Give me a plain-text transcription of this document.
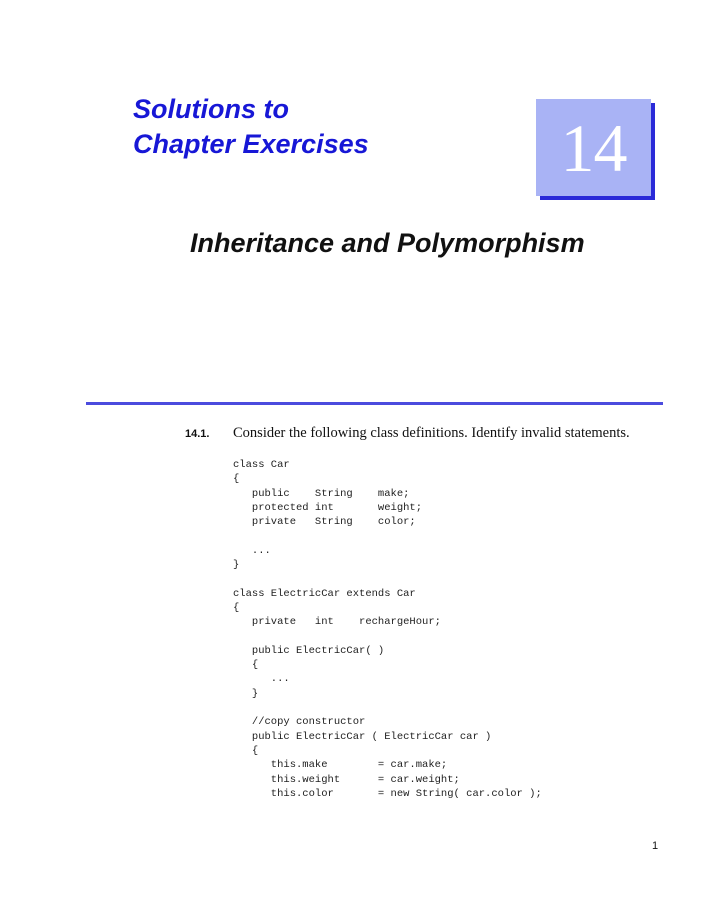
Solutions to
Chapter Exercises	14
Inheritance and Polymorphism
14.1. Consider the following class definitions. Identify invalid statements.
class Car
{
public    String    make;
protected int       weight;
private   String    color;
...
}
class ElectricCar extends Car
{
private   int    rechargeHour;
public ElectricCar( )
{
...
}
//copy constructor
public ElectricCar ( ElectricCar car )
{
this.make        = car.make;
this.weight      = car.weight;
this.color       = new String( car.color );
1
